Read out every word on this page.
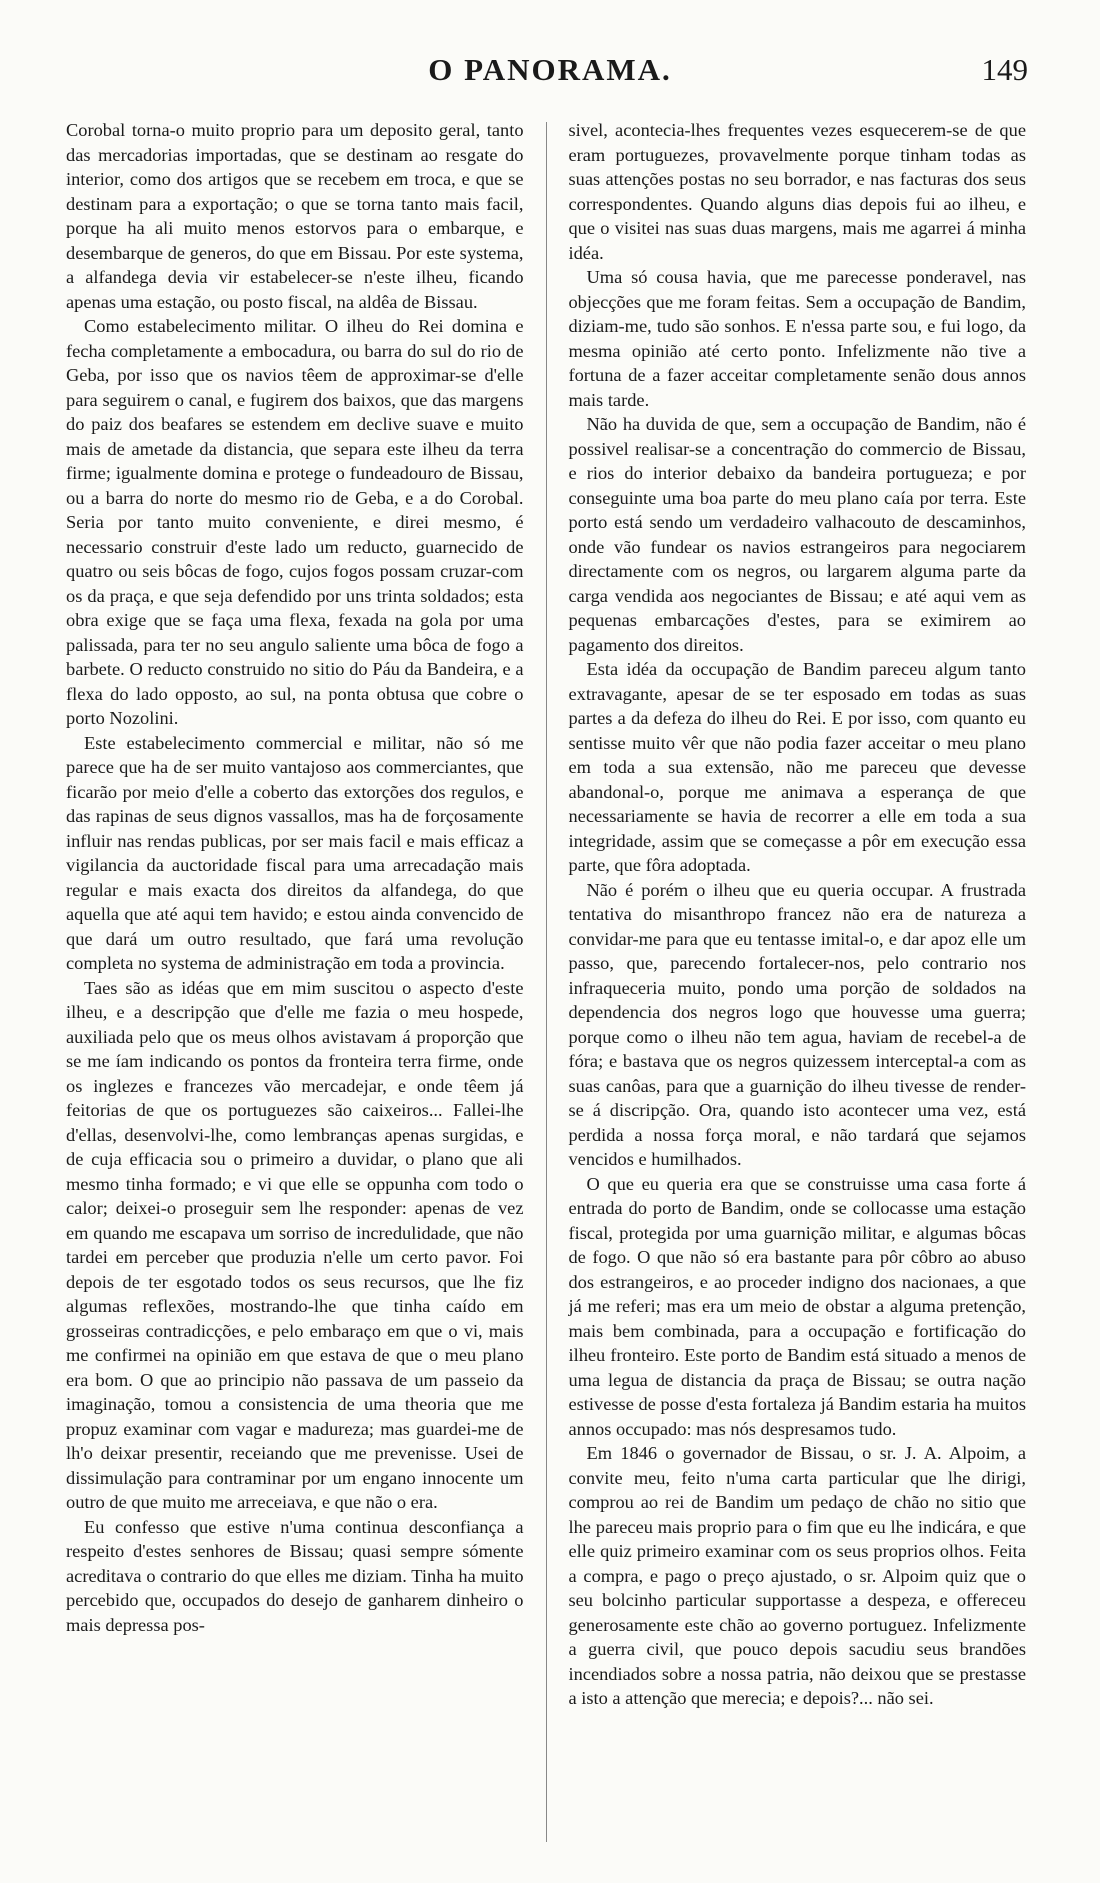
O PANORAMA.	149

Corobal torna-o muito proprio para um deposito geral, tanto das mercadorias importadas, que se destinam ao resgate do interior, como dos artigos que se recebem em troca, e que se destinam para a exportação; o que se torna tanto mais facil, porque ha ali muito menos estorvos para o embarque, e desembarque de generos, do que em Bissau. Por este systema, a alfandega devia vir estabelecer-se n'este ilheu, ficando apenas uma estação, ou posto fiscal, na aldêa de Bissau.

Como estabelecimento militar. O ilheu do Rei domina e fecha completamente a embocadura, ou barra do sul do rio de Geba, por isso que os navios têem de approximar-se d'elle para seguirem o canal, e fugirem dos baixos, que das margens do paiz dos beafares se estendem em declive suave e muito mais de ametade da distancia, que separa este ilheu da terra firme; igualmente domina e protege o fundeadouro de Bissau, ou a barra do norte do mesmo rio de Geba, e a do Corobal. Seria por tanto muito conveniente, e direi mesmo, é necessario construir d'este lado um reducto, guarnecido de quatro ou seis bôcas de fogo, cujos fogos possam cruzar-com os da praça, e que seja defendido por uns trinta soldados; esta obra exige que se faça uma flexa, fexada na gola por uma palissada, para ter no seu angulo saliente uma bôca de fogo a barbete. O reducto construido no sitio do Páu da Bandeira, e a flexa do lado opposto, ao sul, na ponta obtusa que cobre o porto Nozolini.

Este estabelecimento commercial e militar, não só me parece que ha de ser muito vantajoso aos commerciantes, que ficarão por meio d'elle a coberto das extorções dos regulos, e das rapinas de seus dignos vassallos, mas ha de forçosamente influir nas rendas publicas, por ser mais facil e mais efficaz a vigilancia da auctoridade fiscal para uma arrecadação mais regular e mais exacta dos direitos da alfandega, do que aquella que até aqui tem havido; e estou ainda convencido de que dará um outro resultado, que fará uma revolução completa no systema de administração em toda a provincia.

Taes são as idéas que em mim suscitou o aspecto d'este ilheu, e a descripção que d'elle me fazia o meu hospede, auxiliada pelo que os meus olhos avistavam á proporção que se me íam indicando os pontos da fronteira terra firme, onde os inglezes e francezes vão mercadejar, e onde têem já feitorias de que os portuguezes são caixeiros... Fallei-lhe d'ellas, desenvolvi-lhe, como lembranças apenas surgidas, e de cuja efficacia sou o primeiro a duvidar, o plano que ali mesmo tinha formado; e vi que elle se oppunha com todo o calor; deixei-o proseguir sem lhe responder: apenas de vez em quando me escapava um sorriso de incredulidade, que não tardei em perceber que produzia n'elle um certo pavor. Foi depois de ter esgotado todos os seus recursos, que lhe fiz algumas reflexões, mostrando-lhe que tinha caído em grosseiras contradicções, e pelo embaraço em que o vi, mais me confirmei na opinião em que estava de que o meu plano era bom. O que ao principio não passava de um passeio da imaginação, tomou a consistencia de uma theoria que me propuz examinar com vagar e madureza; mas guardei-me de lh'o deixar presentir, receiando que me prevenisse. Usei de dissimulação para contraminar por um engano innocente um outro de que muito me arreceiava, e que não o era.

Eu confesso que estive n'uma continua desconfiança a respeito d'estes senhores de Bissau; quasi sempre sómente acreditava o contrario do que elles me diziam. Tinha ha muito percebido que, occupados do desejo de ganharem dinheiro o mais depressa pos-

sivel, acontecia-lhes frequentes vezes esquecerem-se de que eram portuguezes, provavelmente porque tinham todas as suas attenções postas no seu borrador, e nas facturas dos seus correspondentes. Quando alguns dias depois fui ao ilheu, e que o visitei nas suas duas margens, mais me agarrei á minha idéa.

Uma só cousa havia, que me parecesse ponderavel, nas objecções que me foram feitas. Sem a occupação de Bandim, diziam-me, tudo são sonhos. E n'essa parte sou, e fui logo, da mesma opinião até certo ponto. Infelizmente não tive a fortuna de a fazer acceitar completamente senão dous annos mais tarde.

Não ha duvida de que, sem a occupação de Bandim, não é possivel realisar-se a concentração do commercio de Bissau, e rios do interior debaixo da bandeira portugueza; e por conseguinte uma boa parte do meu plano caía por terra. Este porto está sendo um verdadeiro valhacouto de descaminhos, onde vão fundear os navios estrangeiros para negociarem directamente com os negros, ou largarem alguma parte da carga vendida aos negociantes de Bissau; e até aqui vem as pequenas embarcações d'estes, para se eximirem ao pagamento dos direitos.

Esta idéa da occupação de Bandim pareceu algum tanto extravagante, apesar de se ter esposado em todas as suas partes a da defeza do ilheu do Rei. E por isso, com quanto eu sentisse muito vêr que não podia fazer acceitar o meu plano em toda a sua extensão, não me pareceu que devesse abandonal-o, porque me animava a esperança de que necessariamente se havia de recorrer a elle em toda a sua integridade, assim que se começasse a pôr em execução essa parte, que fôra adoptada.

Não é porém o ilheu que eu queria occupar. A frustrada tentativa do misanthropo francez não era de natureza a convidar-me para que eu tentasse imital-o, e dar apoz elle um passo, que, parecendo fortalecer-nos, pelo contrario nos infraqueceria muito, pondo uma porção de soldados na dependencia dos negros logo que houvesse uma guerra; porque como o ilheu não tem agua, haviam de recebel-a de fóra; e bastava que os negros quizessem interceptal-a com as suas canôas, para que a guarnição do ilheu tivesse de render-se á discripção. Ora, quando isto acontecer uma vez, está perdida a nossa força moral, e não tardará que sejamos vencidos e humilhados.

O que eu queria era que se construisse uma casa forte á entrada do porto de Bandim, onde se collocasse uma estação fiscal, protegida por uma guarnição militar, e algumas bôcas de fogo. O que não só era bastante para pôr côbro ao abuso dos estrangeiros, e ao proceder indigno dos nacionaes, a que já me referi; mas era um meio de obstar a alguma pretenção, mais bem combinada, para a occupação e fortificação do ilheu fronteiro. Este porto de Bandim está situado a menos de uma legua de distancia da praça de Bissau; se outra nação estivesse de posse d'esta fortaleza já Bandim estaria ha muitos annos occupado: mas nós despresamos tudo.

Em 1846 o governador de Bissau, o sr. J. A. Alpoim, a convite meu, feito n'uma carta particular que lhe dirigi, comprou ao rei de Bandim um pedaço de chão no sitio que lhe pareceu mais proprio para o fim que eu lhe indicára, e que elle quiz primeiro examinar com os seus proprios olhos. Feita a compra, e pago o preço ajustado, o sr. Alpoim quiz que o seu bolcinho particular supportasse a despeza, e offereceu generosamente este chão ao governo portuguez. Infelizmente a guerra civil, que pouco depois sacudiu seus brandões incendiados sobre a nossa patria, não deixou que se prestasse a isto a attenção que merecia; e depois?... não sei.
